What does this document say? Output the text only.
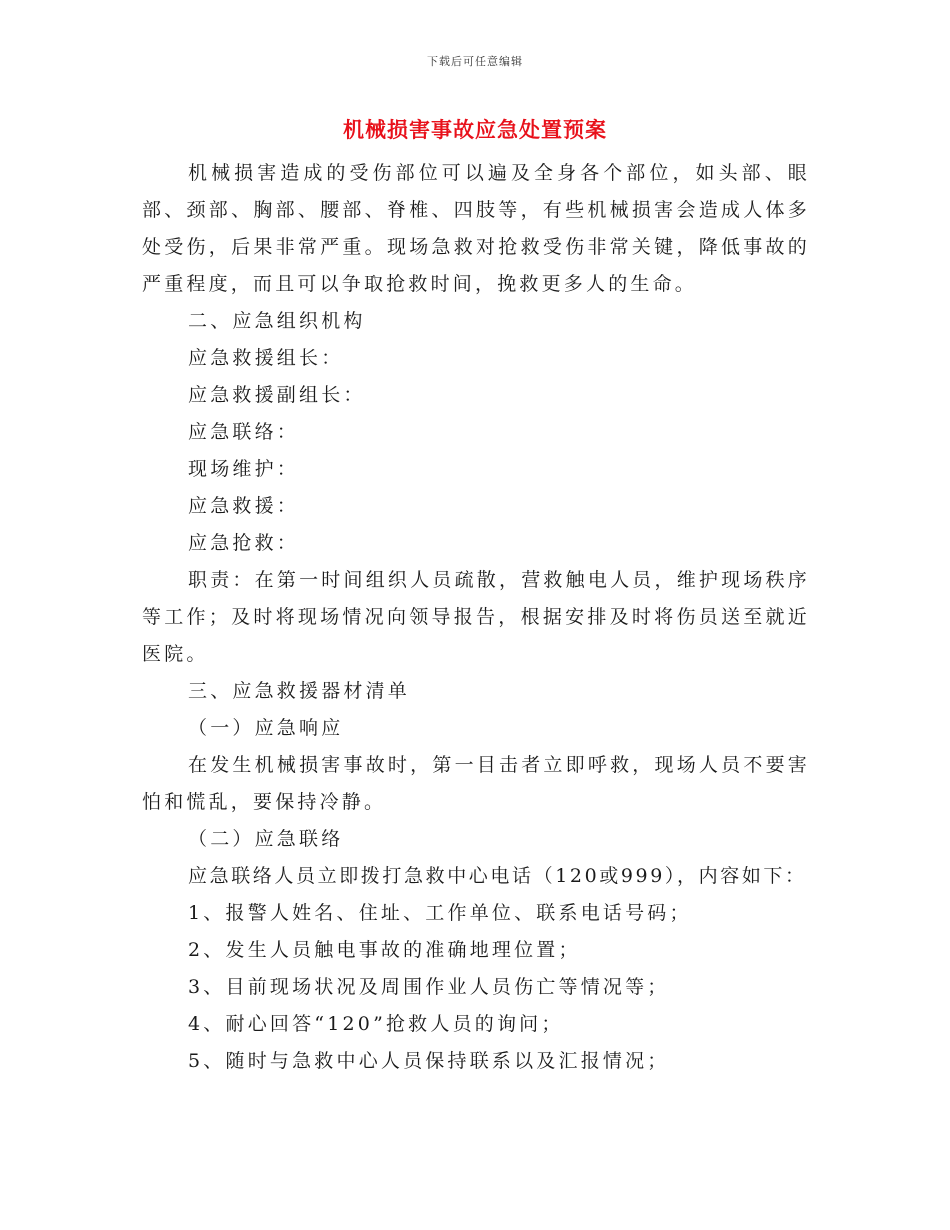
下载后可任意编辑
机械损害事故应急处置预案

机械损害造成的受伤部位可以遍及全身各个部位，如头部、眼部、颈部、胸部、腰部、脊椎、四肢等，有些机械损害会造成人体多处受伤，后果非常严重。现场急救对抢救受伤非常关键，降低事故的严重程度，而且可以争取抢救时间，挽救更多人的生命。

二、应急组织机构

应急救援组长：

应急救援副组长：

应急联络：

现场维护：

应急救援：

应急抢救：

职责：在第一时间组织人员疏散，营救触电人员，维护现场秩序等工作；及时将现场情况向领导报告，根据安排及时将伤员送至就近医院。

三、应急救援器材清单

（一）应急响应

在发生机械损害事故时，第一目击者立即呼救，现场人员不要害怕和慌乱，要保持冷静。

（二）应急联络

应急联络人员立即拨打急救中心电话（120或999），内容如下：

1、报警人姓名、住址、工作单位、联系电话号码；

2、发生人员触电事故的准确地理位置；

3、目前现场状况及周围作业人员伤亡等情况等；

4、耐心回答“120”抢救人员的询问；

5、随时与急救中心人员保持联系以及汇报情况；
